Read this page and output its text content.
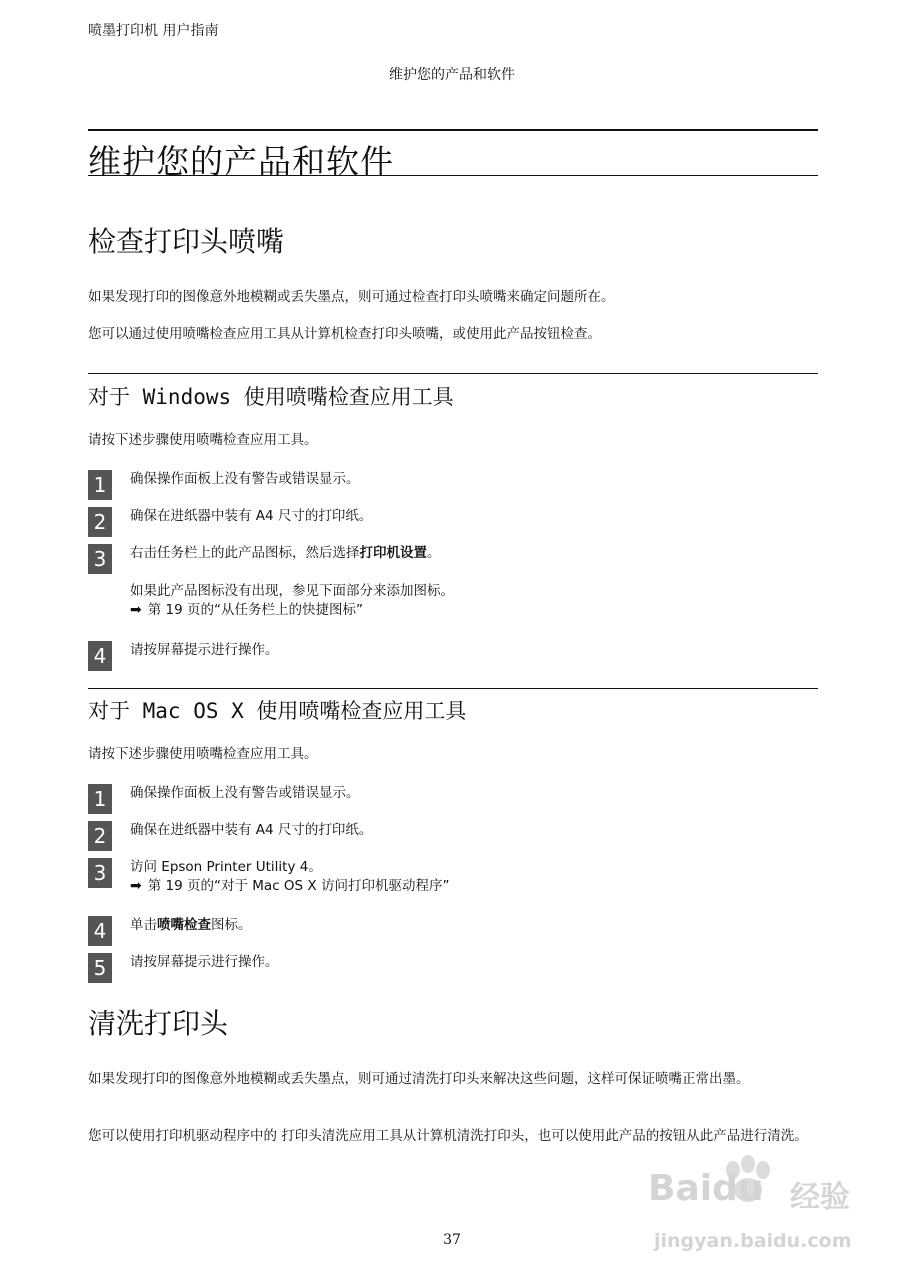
喷墨打印机 用户指南
维护您的产品和软件
维护您的产品和软件
检查打印头喷嘴
如果发现打印的图像意外地模糊或丢失墨点，则可通过检查打印头喷嘴来确定问题所在。
您可以通过使用喷嘴检查应用工具从计算机检查打印头喷嘴，或使用此产品按钮检查。
对于 Windows 使用喷嘴检查应用工具
请按下述步骤使用喷嘴检查应用工具。
1	确保操作面板上没有警告或错误显示。
2	确保在进纸器中装有 A4 尺寸的打印纸。
3	右击任务栏上的此产品图标，然后选择打印机设置。
如果此产品图标没有出现，参见下面部分来添加图标。
➡ 第 19 页的“从任务栏上的快捷图标”
4	请按屏幕提示进行操作。
对于 Mac OS X 使用喷嘴检查应用工具
请按下述步骤使用喷嘴检查应用工具。
1	确保操作面板上没有警告或错误显示。
2	确保在进纸器中装有 A4 尺寸的打印纸。
3	访问 Epson Printer Utility 4。
➡ 第 19 页的“对于 Mac OS X 访问打印机驱动程序”
4	单击喷嘴检查图标。
5	请按屏幕提示进行操作。
清洗打印头
如果发现打印的图像意外地模糊或丢失墨点，则可通过清洗打印头来解决这些问题，这样可保证喷嘴正常出墨。
您可以使用打印机驱动程序中的 打印头清洗应用工具从计算机清洗打印头，也可以使用此产品的按钮从此产品进行清洗。
37
Baidu 经验
jingyan.baidu.com
